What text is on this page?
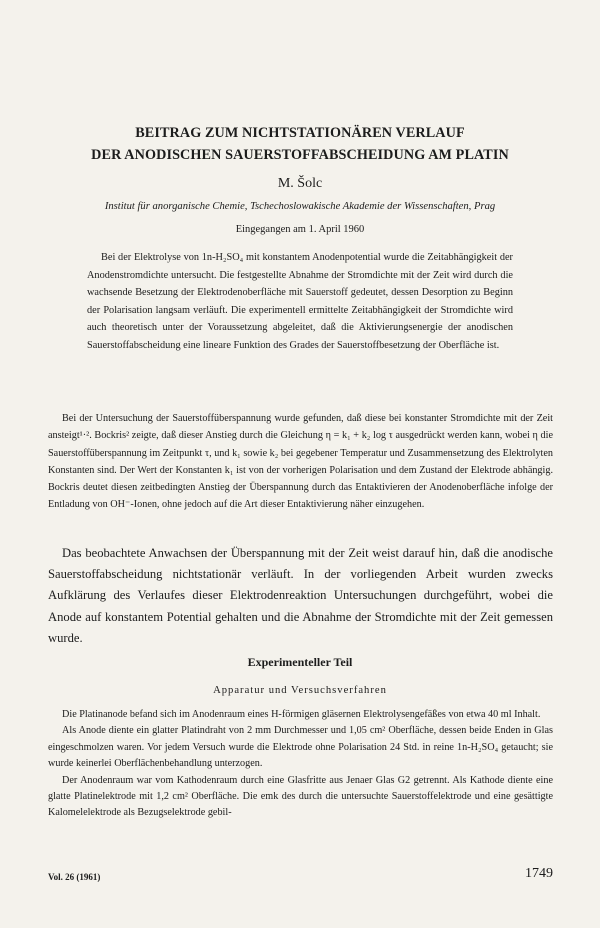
BEITRAG ZUM NICHTSTATIONÄREN VERLAUF
DER ANODISCHEN SAUERSTOFFABSCHEIDUNG AM PLATIN
M. Šolc
Institut für anorganische Chemie, Tschechoslowakische Akademie der Wissenschaften, Prag
Eingegangen am 1. April 1960

Bei der Elektrolyse von 1n-H₂SO₄ mit konstantem Anodenpotential wurde die Zeitabhängigkeit der Anodenstromdichte untersucht. Die festgestellte Abnahme der Stromdichte mit der Zeit wird durch die wachsende Besetzung der Elektrodenoberfläche mit Sauerstoff gedeutet, dessen Desorption zu Beginn der Polarisation langsam verläuft. Die experimentell ermittelte Zeitabhängigkeit der Stromdichte wird auch theoretisch unter der Voraussetzung abgeleitet, daß die Aktivierungsenergie der anodischen Sauerstoffabscheidung eine lineare Funktion des Grades der Sauerstoffbesetzung der Oberfläche ist.

Bei der Untersuchung der Sauerstoffüberspannung wurde gefunden, daß diese bei konstanter Stromdichte mit der Zeit ansteigt¹·². Bockris² zeigte, daß dieser Anstieg durch die Gleichung η = k₁ + k₂ log τ ausgedrückt werden kann, wobei η die Sauerstoffüberspannung im Zeitpunkt τ, und k₁ sowie k₂ bei gegebener Temperatur und Zusammensetzung des Elektrolyten Konstanten sind. Der Wert der Konstanten k₁ ist von der vorherigen Polarisation und dem Zustand der Elektrode abhängig. Bockris deutet diesen zeitbedingten Anstieg der Überspannung durch das Entaktivieren der Anodenoberfläche infolge der Entladung von OH⁻-Ionen, ohne jedoch auf die Art dieser Entaktivierung näher einzugehen.

Das beobachtete Anwachsen der Überspannung mit der Zeit weist darauf hin, daß die anodische Sauerstoffabscheidung nichtstationär verläuft. In der vorliegenden Arbeit wurden zwecks Aufklärung des Verlaufes dieser Elektrodenreaktion Untersuchungen durchgeführt, wobei die Anode auf konstantem Potential gehalten und die Abnahme der Stromdichte mit der Zeit gemessen wurde.

Experimenteller Teil
Apparatur und Versuchsverfahren

Die Platinanode befand sich im Anodenraum eines H-förmigen gläsernen Elektrolysengefäßes von etwa 40 ml Inhalt.

Als Anode diente ein glatter Platindraht von 2 mm Durchmesser und 1,05 cm² Oberfläche, dessen beide Enden in Glas eingeschmolzen waren. Vor jedem Versuch wurde die Elektrode ohne Polarisation 24 Std. in reine 1n-H₂SO₄ getaucht; sie wurde keinerlei Oberflächenbehandlung unterzogen.

Der Anodenraum war vom Kathodenraum durch eine Glasfritte aus Jenaer Glas G2 getrennt. Als Kathode diente eine glatte Platinelektrode mit 1,2 cm² Oberfläche. Die emk des durch die untersuchte Sauerstoffelektrode und eine gesättigte Kalomelelektrode als Bezugselektrode gebil-

Vol. 26 (1961)	1749
